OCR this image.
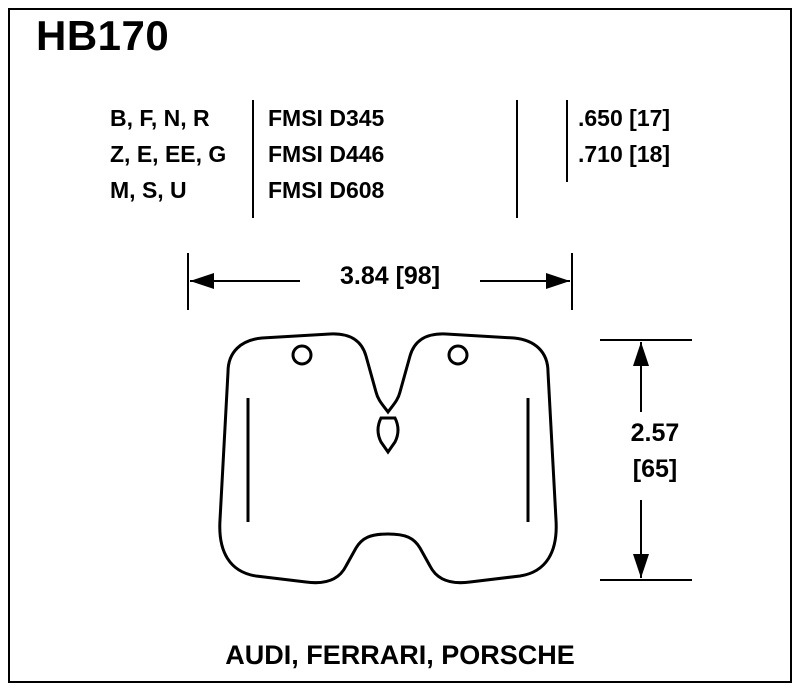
HB170
B, F, N, R
Z, E, EE, G
M, S, U
FMSI D345
FMSI D446
FMSI D608
.650 [17]
.710 [18]
3.84 [98]
2.57
[65]
AUDI, FERRARI, PORSCHE
